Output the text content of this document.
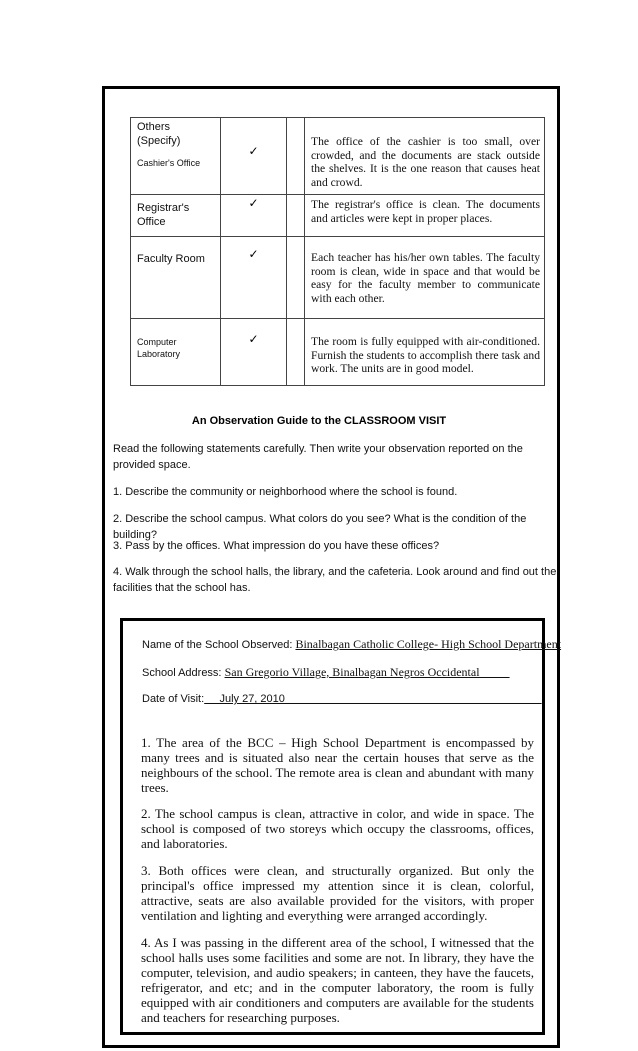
Others (Specify)
Cashier's Office	✓		The office of the cashier is too small, over crowded, and the documents are stack outside the shelves. It is the one reason that causes heat and crowd.

Registrar's Office	✓		The registrar's office is clean. The documents and articles were kept in proper places.

Faculty Room	✓		Each teacher has his/her own tables. The faculty room is clean, wide in space and that would be easy for the faculty member to communicate with each other.

Computer Laboratory	✓		The room is fully equipped with air-conditioned. Furnish the students to accomplish there task and work. The units are in good model.
An Observation Guide to the CLASSROOM VISIT
Read the following statements carefully. Then write your observation reported on the provided space.
1. Describe the community or neighborhood where the school is found.
2. Describe the school campus. What colors do you see? What is the condition of the building?
3. Pass by the offices. What impression do you have these offices?
4. Walk through the school halls, the library, and the cafeteria. Look around and find out the facilities that the school has.
Name of the School Observed: Binalbagan Catholic College- High School Department
School Address: San Gregorio Village, Binalbagan Negros Occidental
Date of Visit:     July 27, 2010
1. The area of the BCC – High School Department is encompassed by many trees and is situated also near the certain houses that serve as the neighbours of the school. The remote area is clean and abundant with many trees.
2. The school campus is clean, attractive in color, and wide in space. The school is composed of two storeys which occupy the classrooms, offices, and laboratories.
3. Both offices were clean, and structurally organized. But only the principal's office impressed my attention since it is clean, colorful, attractive, seats are also available provided for the visitors, with proper ventilation and lighting and everything were arranged accordingly.
4. As I was passing in the different area of the school, I witnessed that the school halls uses some facilities and some are not. In library, they have the computer, television, and audio speakers; in canteen, they have the faucets, refrigerator, and etc; and in the computer laboratory, the room is fully equipped with air conditioners and computers are available for the students and teachers for researching purposes.
